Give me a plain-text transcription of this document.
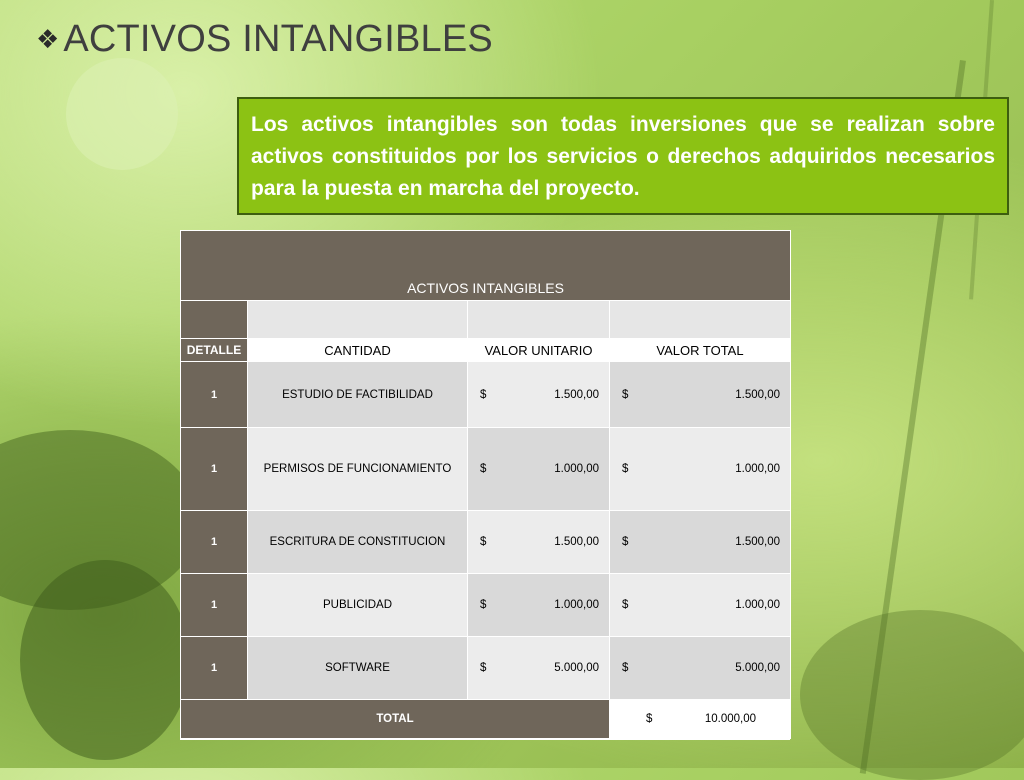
❖ ACTIVOS INTANGIBLES

Los activos intangibles son todas inversiones que se realizan sobre activos constituidos por los servicios o derechos adquiridos necesarios para la puesta en marcha del proyecto.

ACTIVOS INTANGIBLES			

DETALLE	CANTIDAD	VALOR UNITARIO	VALOR TOTAL
1	ESTUDIO DE FACTIBILIDAD	$ 1.500,00	$ 1.500,00

1	PERMISOS DE FUNCIONAMIENTO	$ 1.000,00	$ 1.000,00

1	ESCRITURA DE CONSTITUCION	$ 1.500,00	$ 1.500,00

1	PUBLICIDAD	$ 1.000,00	$ 1.000,00

1	SOFTWARE	$ 5.000,00	$ 5.000,00

TOTAL			$ 10.000,00
